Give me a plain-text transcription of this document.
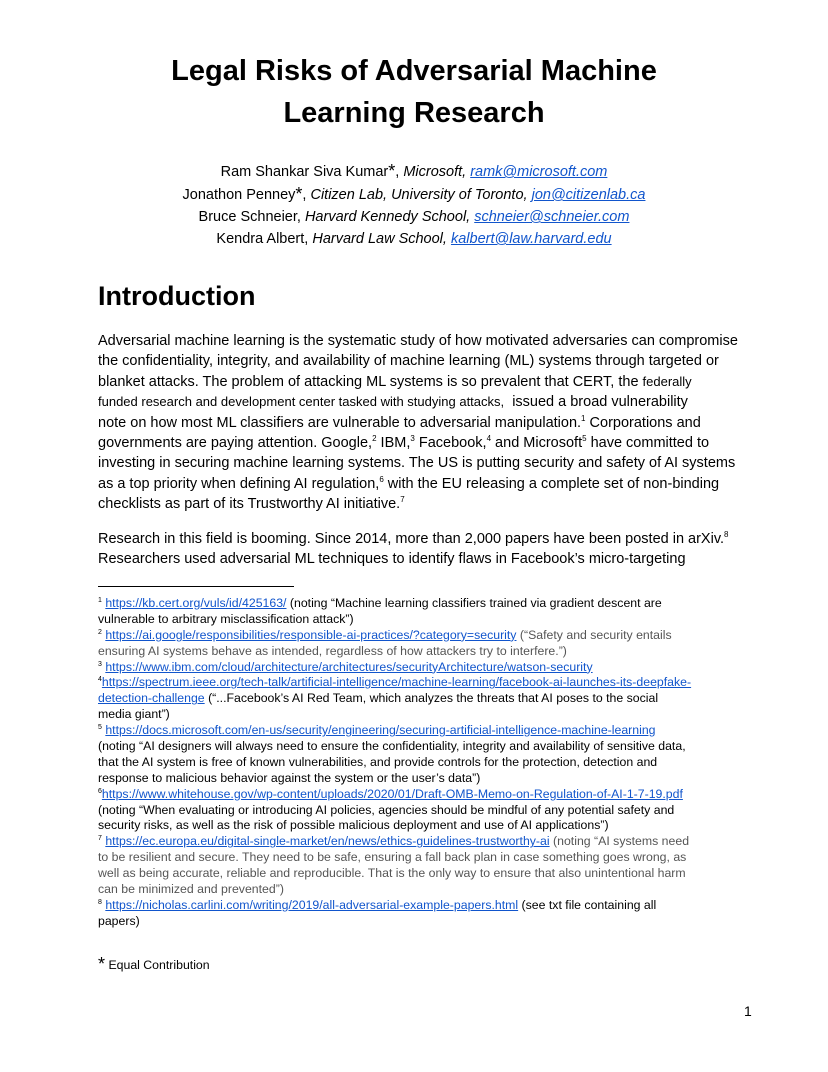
Legal Risks of Adversarial Machine
Learning Research
Ram Shankar Siva Kumar*, Microsoft, ramk@microsoft.com
Jonathon Penney*, Citizen Lab, University of Toronto, jon@citizenlab.ca
Bruce Schneier, Harvard Kennedy School, schneier@schneier.com
Kendra Albert, Harvard Law School, kalbert@law.harvard.edu
Introduction
Adversarial machine learning is the systematic study of how motivated adversaries can compromise
the confidentiality, integrity, and availability of machine learning (ML) systems through targeted or
blanket attacks. The problem of attacking ML systems is so prevalent that CERT, the federally
funded research and development center tasked with studying attacks,  issued a broad vulnerability
note on how most ML classifiers are vulnerable to adversarial manipulation.$^1$ Corporations and
governments are paying attention. Google,$^2$ IBM,$^3$ Facebook,$^4$ and Microsoft$^5$ have committed to
investing in securing machine learning systems. The US is putting security and safety of AI systems
as a top priority when defining AI regulation,$^6$ with the EU releasing a complete set of non-binding
checklists as part of its Trustworthy AI initiative.$^7$
Research in this field is booming. Since 2014, more than 2,000 papers have been posted in arXiv.$^8$
Researchers used adversarial ML techniques to identify flaws in Facebook’s micro-targeting
$^1$ https://kb.cert.org/vuls/id/425163/ (noting “Machine learning classifiers trained via gradient descent are
vulnerable to arbitrary misclassification attack”)
$^2$ https://ai.google/responsibilities/responsible-ai-practices/?category=security (“Safety and security entails
ensuring AI systems behave as intended, regardless of how attackers try to interfere.”)
$^3$ https://www.ibm.com/cloud/architecture/architectures/securityArchitecture/watson-security
$^4$https://spectrum.ieee.org/tech-talk/artificial-intelligence/machine-learning/facebook-ai-launches-its-deepfake-
detection-challenge (“...Facebook’s AI Red Team, which analyzes the threats that AI poses to the social
media giant”)
$^5$ https://docs.microsoft.com/en-us/security/engineering/securing-artificial-intelligence-machine-learning
(noting “AI designers will always need to ensure the confidentiality, integrity and availability of sensitive data,
that the AI system is free of known vulnerabilities, and provide controls for the protection, detection and
response to malicious behavior against the system or the user’s data”)
$^6$https://www.whitehouse.gov/wp-content/uploads/2020/01/Draft-OMB-Memo-on-Regulation-of-AI-1-7-19.pdf
(noting “When evaluating or introducing AI policies, agencies should be mindful of any potential safety and
security risks, as well as the risk of possible malicious deployment and use of AI applications”)
$^7$ https://ec.europa.eu/digital-single-market/en/news/ethics-guidelines-trustworthy-ai (noting “AI systems need
to be resilient and secure. They need to be safe, ensuring a fall back plan in case something goes wrong, as
well as being accurate, reliable and reproducible. That is the only way to ensure that also unintentional harm
can be minimized and prevented”)
$^8$ https://nicholas.carlini.com/writing/2019/all-adversarial-example-papers.html (see txt file containing all
papers)
* Equal Contribution
1
